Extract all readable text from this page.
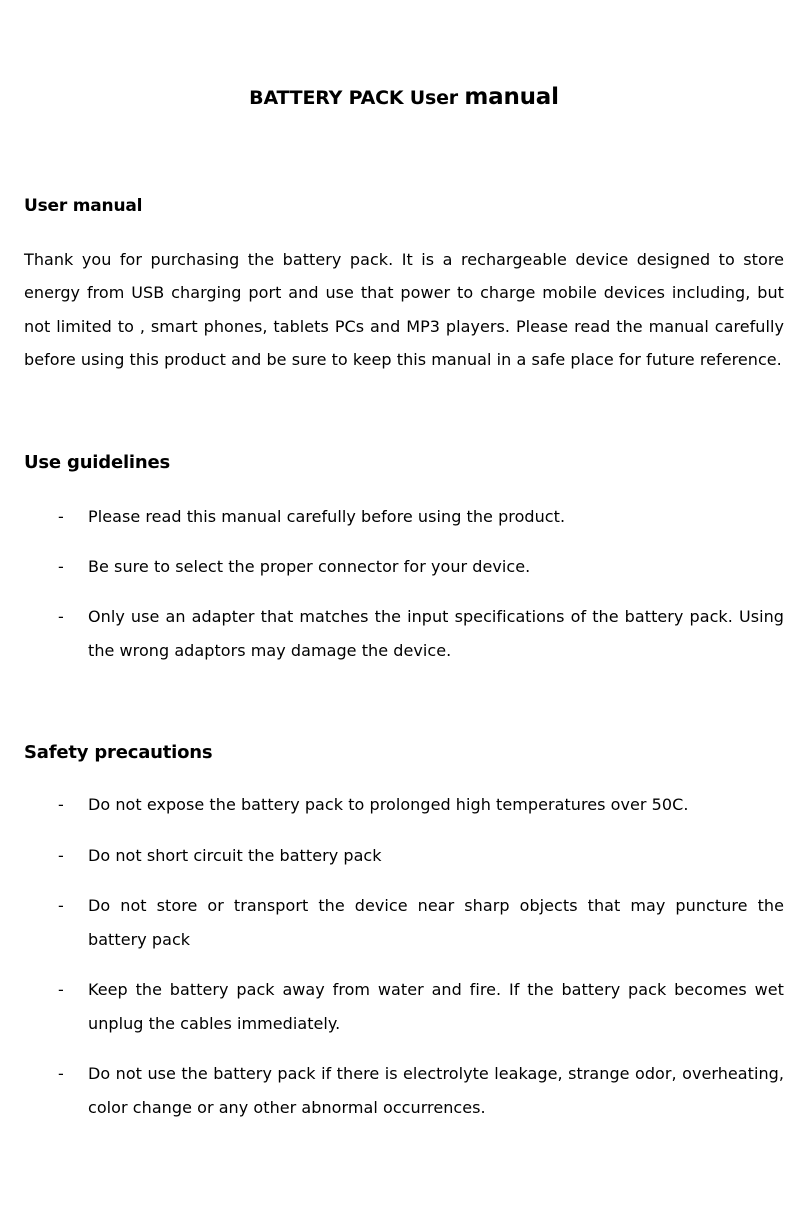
BATTERY PACK User manual
User manual
Thank you for purchasing the battery pack. It is a rechargeable device designed to store energy from USB charging port and use that power to charge mobile devices including, but not limited to , smart phones, tablets PCs and MP3 players. Please read the manual carefully before using this product and be sure to keep this manual in a safe place for future reference.
Use guidelines
- Please read this manual carefully before using the product.
- Be sure to select the proper connector for your device.
- Only use an adapter that matches the input specifications of the battery pack. Using the wrong adaptors may damage the device.
Safety precautions
- Do not expose the battery pack to prolonged high temperatures over 50C.
- Do not short circuit the battery pack
- Do not store or transport the device near sharp objects that may puncture the battery pack
- Keep the battery pack away from water and fire. If the battery pack becomes wet unplug the cables immediately.
- Do not use the battery pack if there is electrolyte leakage, strange odor, overheating, color change or any other abnormal occurrences.
